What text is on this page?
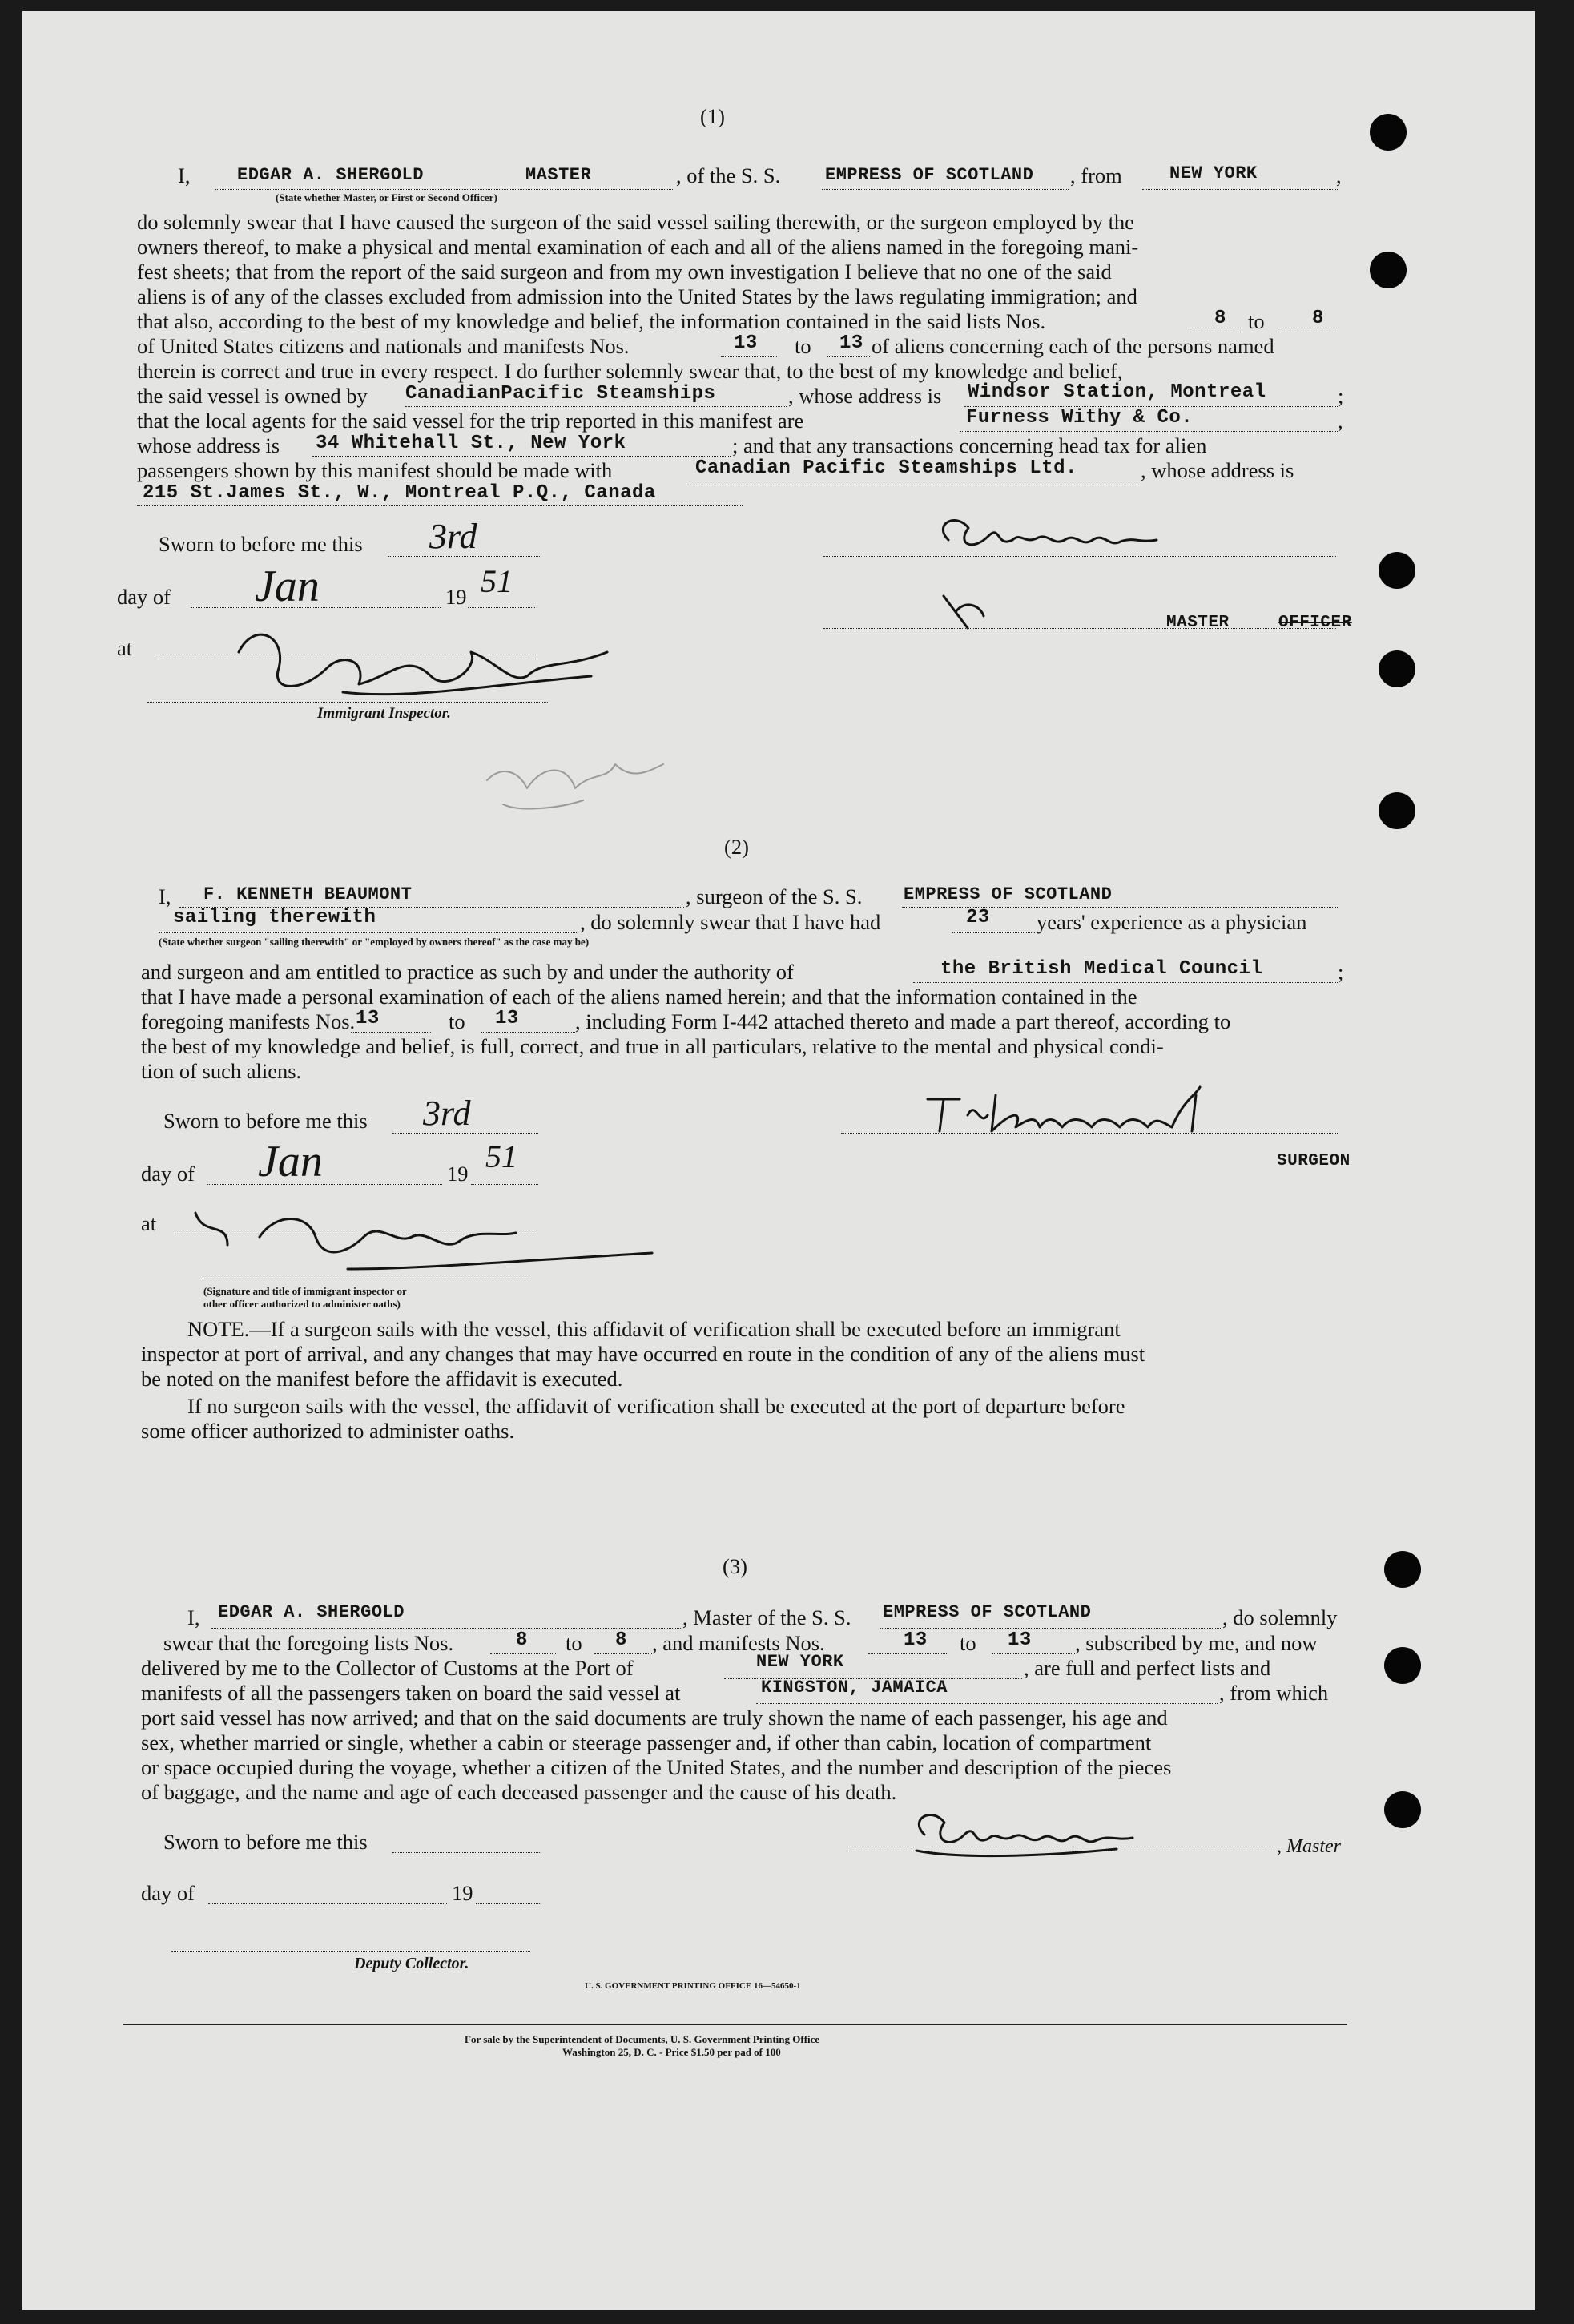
(1)
I,	EDGAR A. SHERGOLD	MASTER	, of the S. S.	EMPRESS OF SCOTLAND , from	NEW YORK	,
(State whether Master, or First or Second Officer)
do solemnly swear that I have caused the surgeon of the said vessel sailing therewith, or the surgeon employed by the
owners thereof, to make a physical and mental examination of each and all of the aliens named in the foregoing mani-
fest sheets; that from the report of the said surgeon and from my own investigation I believe that no one of the said
aliens is of any of the classes excluded from admission into the United States by the laws regulating immigration; and
that also, according to the best of my knowledge and belief, the information contained in the said lists Nos.	8 to 8
of United States citizens and nationals and manifests Nos.	13 to 13 of aliens concerning each of the persons named
therein is correct and true in every respect. I do further solemnly swear that, to the best of my knowledge and belief,
the said vessel is owned by CanadianPacific Steamships	, whose address is Windsor Station, Montreal	;
that the local agents for the said vessel for the trip reported in this manifest are	Furness Withy & Co.	,
whose address is 34 Whitehall St., New York	; and that any transactions concerning head tax for alien
passengers shown by this manifest should be made with	Canadian Pacific Steamships Ltd.	, whose address is
215 St.James St., W., Montreal P.Q., Canada
Sworn to before me this 3rd
day of Jan	19 51
at
Immigrant Inspector.
MASTER	OFFICER
(2)
I, F. KENNETH BEAUMONT	, surgeon of the S. S. EMPRESS OF SCOTLAND
sailing therewith	, do solemnly swear that I have had	23 years' experience as a physician
(State whether surgeon "sailing therewith" or "employed by owners thereof" as the case may be)
and surgeon and am entitled to practice as such by and under the authority of	the British Medical Council	;
that I have made a personal examination of each of the aliens named herein; and that the information contained in the
foregoing manifests Nos. 13	to 13	, including Form I-442 attached thereto and made a part thereof, according to
the best of my knowledge and belief, is full, correct, and true in all particulars, relative to the mental and physical condi-
tion of such aliens.
Sworn to before me this 3rd
day of Jan	19 51
at
(Signature and title of immigrant inspector or
other officer authorized to administer oaths)
SURGEON
NOTE.—If a surgeon sails with the vessel, this affidavit of verification shall be executed before an immigrant
inspector at port of arrival, and any changes that may have occurred en route in the condition of any of the aliens must
be noted on the manifest before the affidavit is executed.
If no surgeon sails with the vessel, the affidavit of verification shall be executed at the port of departure before
some officer authorized to administer oaths.
(3)
I, EDGAR A. SHERGOLD	, Master of the S. S. EMPRESS OF SCOTLAND	, do solemnly
swear that the foregoing lists Nos.	8 to 8 , and manifests Nos.	13 to 13 , subscribed by me, and now
delivered by me to the Collector of Customs at the Port of	NEW YORK	, are full and perfect lists and
manifests of all the passengers taken on board the said vessel at	KINGSTON, JAMAICA	, from which
port said vessel has now arrived; and that on the said documents are truly shown the name of each passenger, his age and
sex, whether married or single, whether a cabin or steerage passenger and, if other than cabin, location of compartment
or space occupied during the voyage, whether a citizen of the United States, and the number and description of the pieces
of baggage, and the name and age of each deceased passenger and the cause of his death.
Sworn to before me this
day of	19
Deputy Collector.
, Master
U. S. GOVERNMENT PRINTING OFFICE 16—54650-1
For sale by the Superintendent of Documents, U. S. Government Printing Office
Washington 25, D. C. - Price $1.50 per pad of 100
